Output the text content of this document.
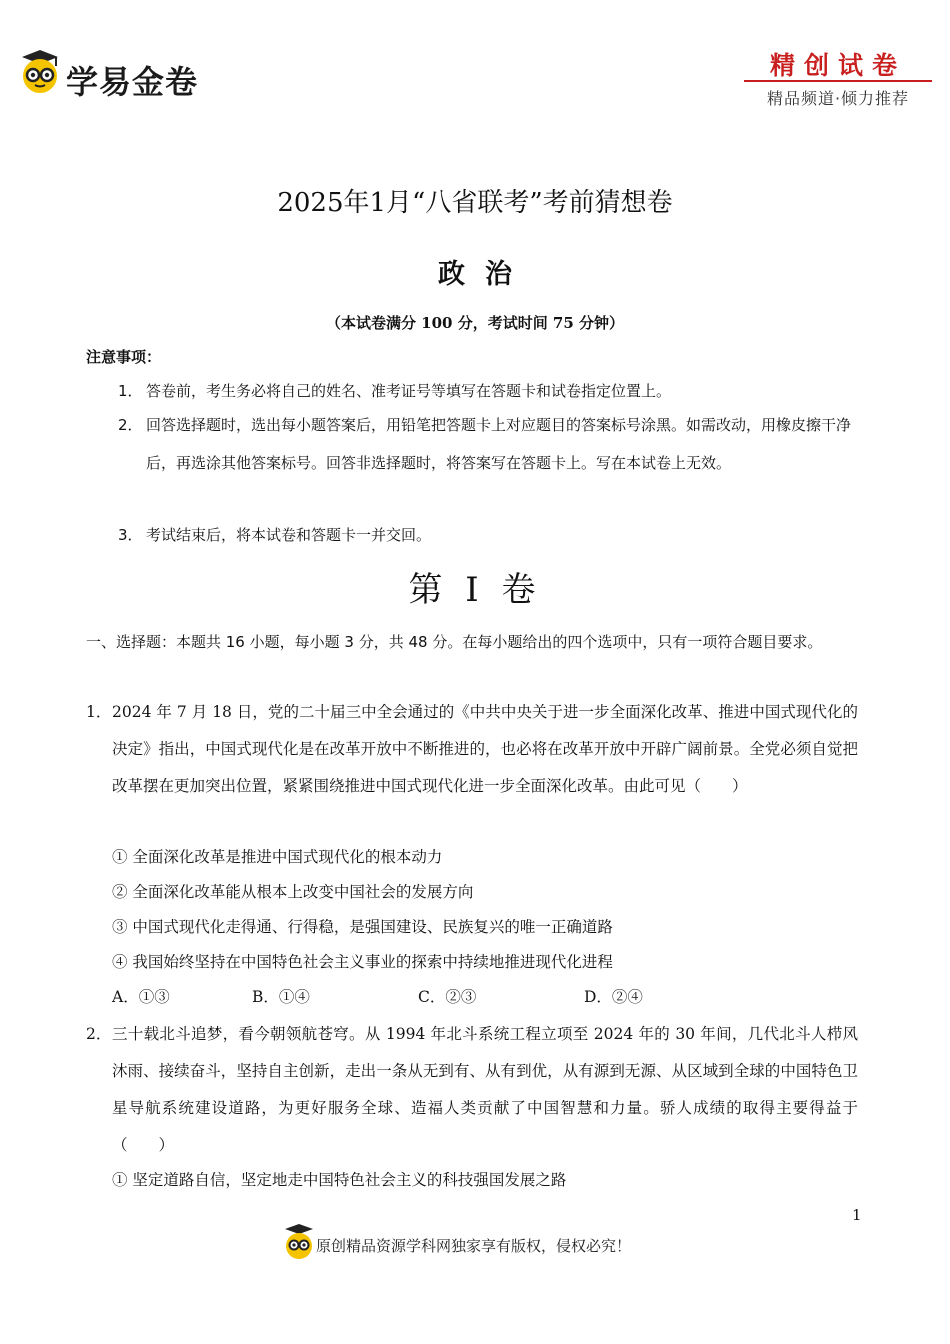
学易金卷	精创试卷
精品频道·倾力推荐
2025年1月“八省联考”考前猜想卷
政治
（本试卷满分 100 分，考试时间 75 分钟）
注意事项：
1． 答卷前，考生务必将自己的姓名、准考证号等填写在答题卡和试卷指定位置上。
2． 回答选择题时，选出每小题答案后，用铅笔把答题卡上对应题目的答案标号涂黑。如需改动，用橡皮擦干净后，再选涂其他答案标号。回答非选择题时，将答案写在答题卡上。写在本试卷上无效。
3． 考试结束后，将本试卷和答题卡一并交回。
第 I 卷
一、选择题：本题共 16 小题，每小题 3 分，共 48 分。在每小题给出的四个选项中，只有一项符合题目要求。
1． 2024 年 7 月 18 日，党的二十届三中全会通过的《中共中央关于进一步全面深化改革、推进中国式现代化的决定》指出，中国式现代化是在改革开放中不断推进的，也必将在改革开放中开辟广阔前景。全党必须自觉把改革摆在更加突出位置，紧紧围绕推进中国式现代化进一步全面深化改革。由此可见（　　）
① 全面深化改革是推进中国式现代化的根本动力
② 全面深化改革能从根本上改变中国社会的发展方向
③ 中国式现代化走得通、行得稳，是强国建设、民族复兴的唯一正确道路
④ 我国始终坚持在中国特色社会主义事业的探索中持续地推进现代化进程
A．①③	B．①④	C．②③	D．②④
2． 三十载北斗追梦，看今朝领航苍穹。从 1994 年北斗系统工程立项至 2024 年的 30 年间，几代北斗人栉风沐雨、接续奋斗，坚持自主创新，走出一条从无到有、从有到优，从有源到无源、从区域到全球的中国特色卫星导航系统建设道路，为更好服务全球、造福人类贡献了中国智慧和力量。骄人成绩的取得主要得益于（　　）
① 坚定道路自信，坚定地走中国特色社会主义的科技强国发展之路
1
原创精品资源学科网独家享有版权，侵权必究！
